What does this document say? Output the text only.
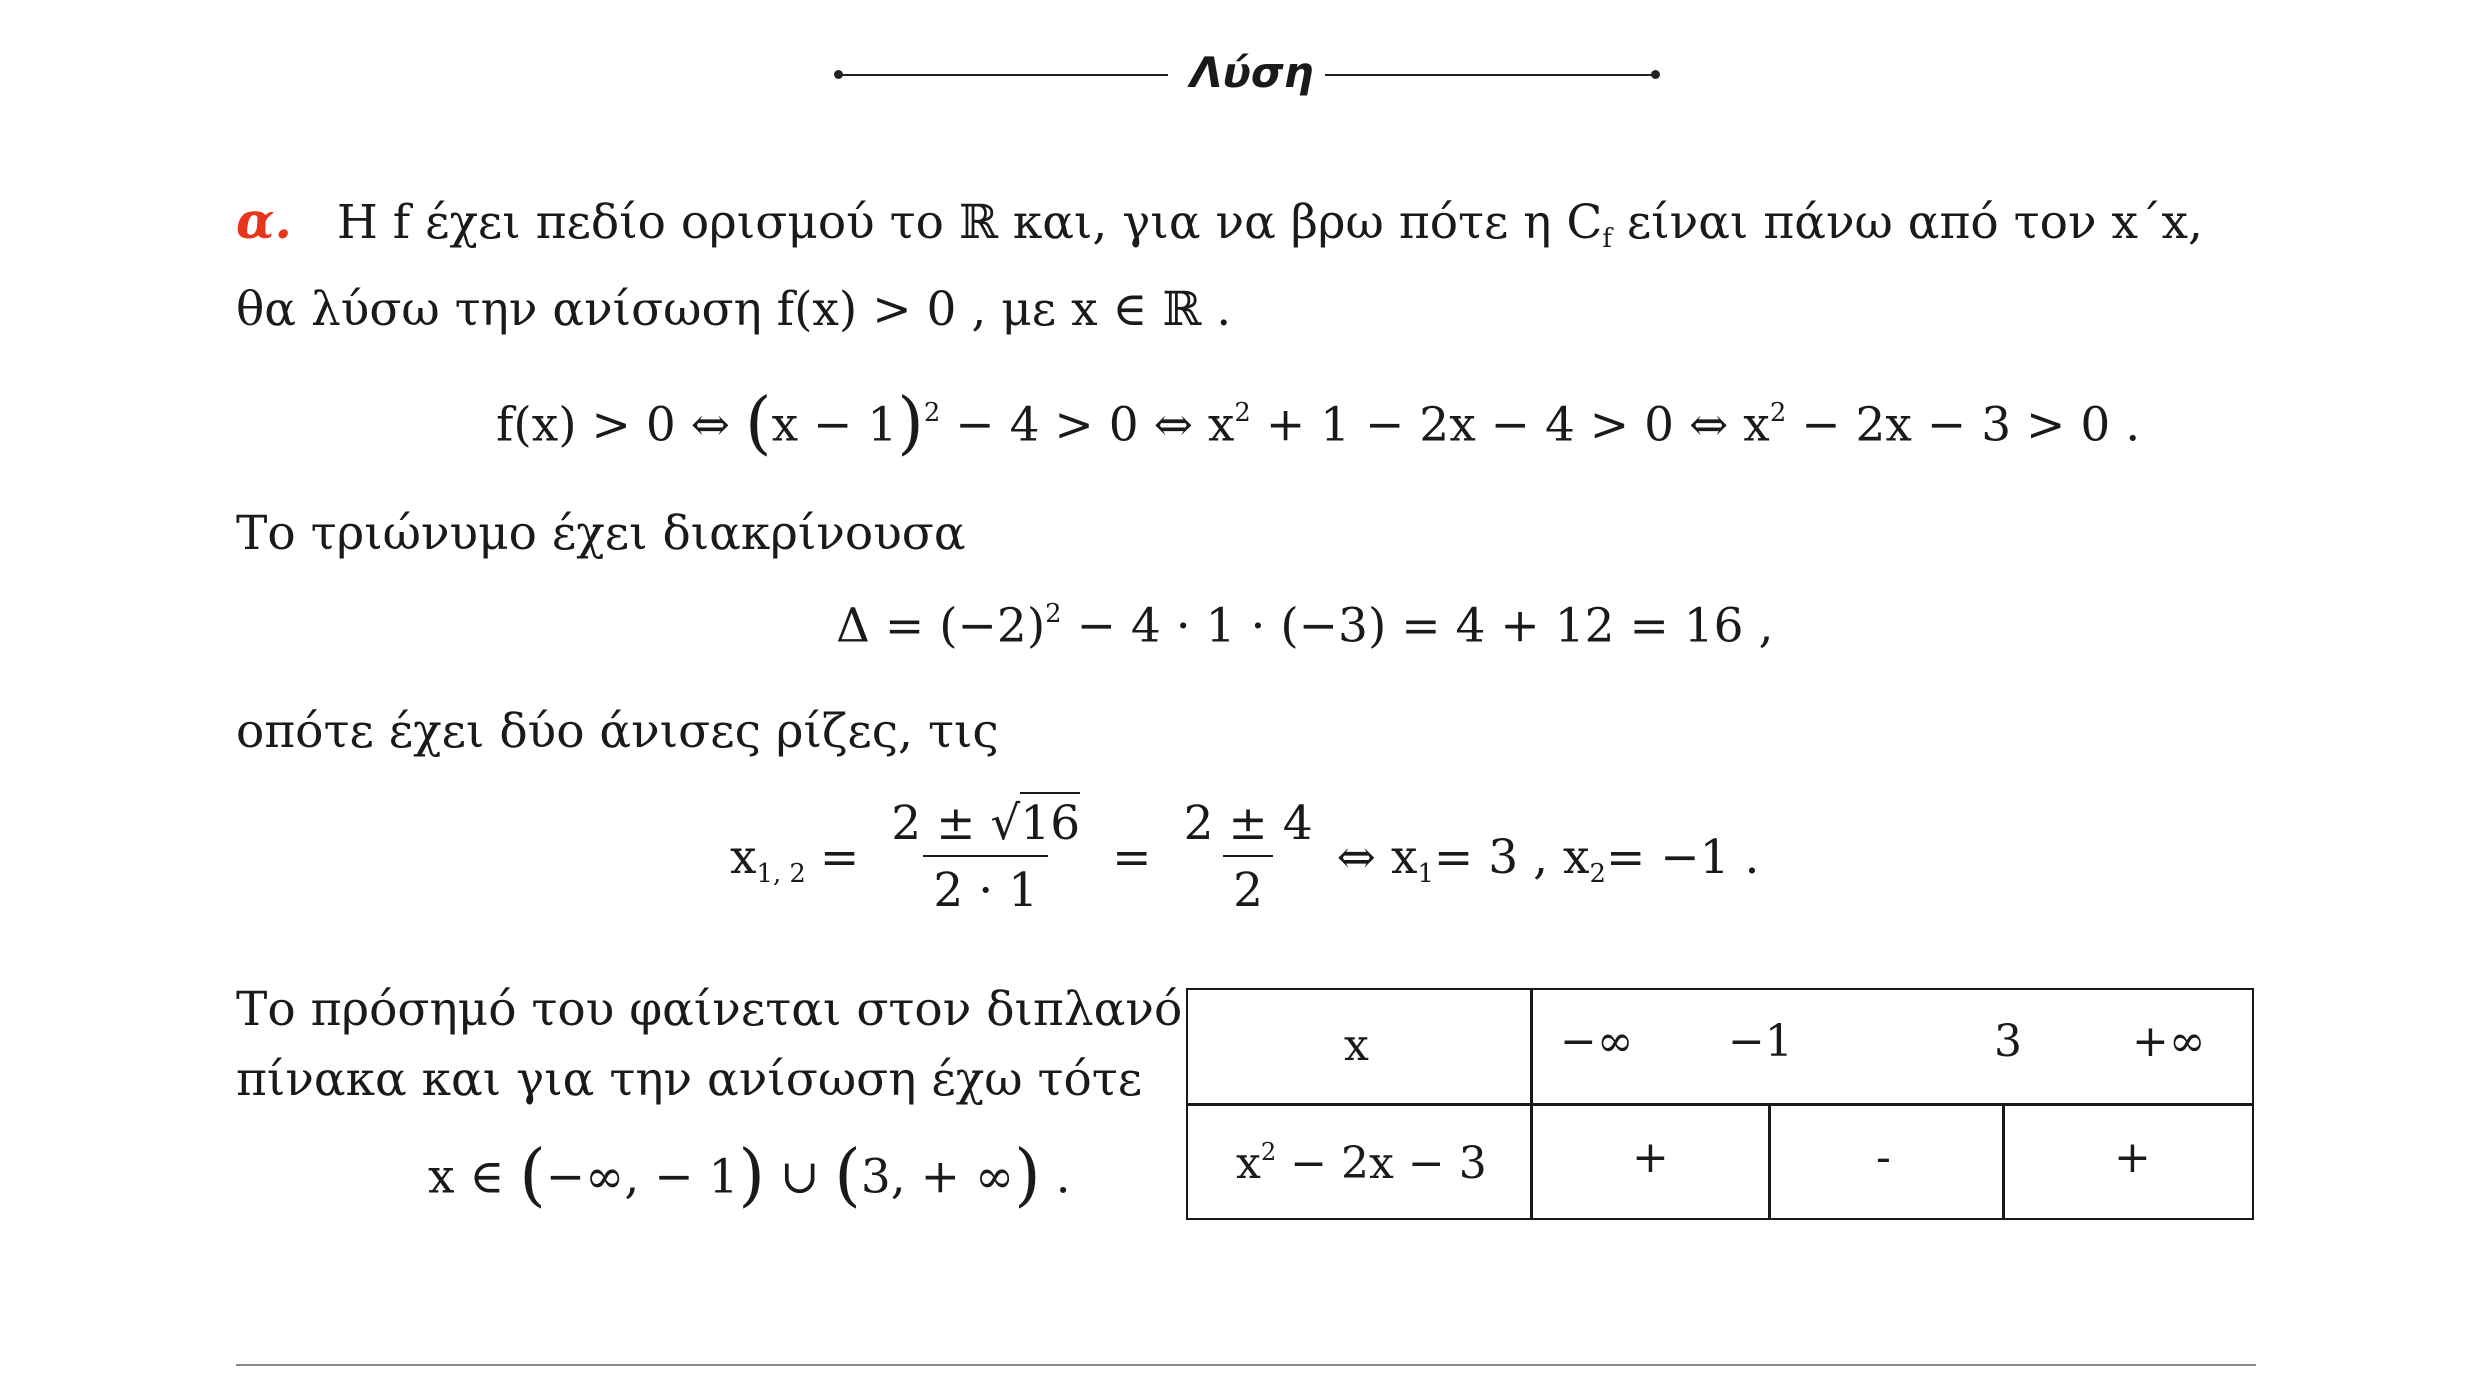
Λύση
α. Η f έχει πεδίο ορισμού το ℝ και, για να βρω πότε η $C_f$ είναι πάνω από τον x΄x,
θα λύσω την ανίσωση f(x) > 0 , με x ∈ ℝ .
f(x) > 0 ⇔ $(x - 1)^2 - 4 > 0$ ⇔ $x^2 + 1 - 2x - 4 > 0$ ⇔ $x^2 - 2x - 3 > 0$ .
Το τριώνυμο έχει διακρίνουσα
$\Delta = (-2)^2 - 4 \cdot 1 \cdot (-3) = 4 + 12 = 16$ ,
οπότε έχει δύο άνισες ρίζες, τις
x 1, $2 = \frac{2 \pm √16}{2 \cdot 1} = \frac{2 \pm 4}{2}$ ⇔ x 1 = 3 , x 2 = −1 .
Το πρόσημό του φαίνεται στον διπλανό
πίνακα και για την ανίσωση έχω τότε
x ∈ (−∞, − 1) ∪ (3, + ∞) .
x	−∞ −1	3	+∞
$x^2 - 2x - 3$	+	-	+
